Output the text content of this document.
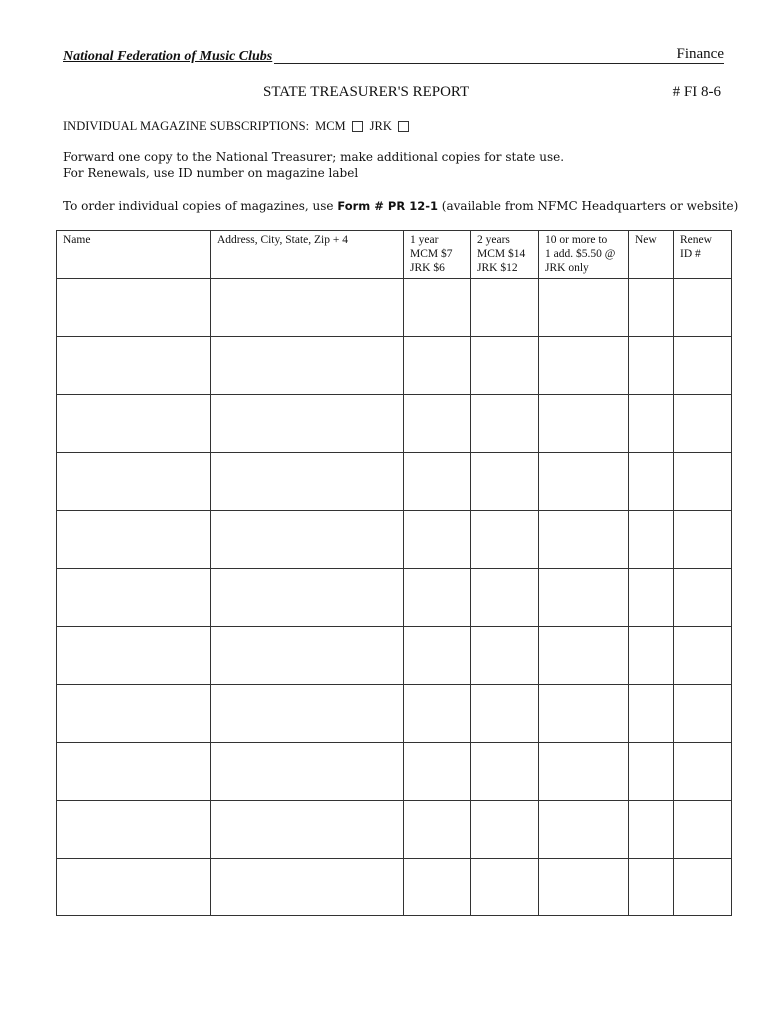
National Federation of Music Clubs	Finance
STATE TREASURER'S REPORT	# FI 8-6
INDIVIDUAL MAGAZINE SUBSCRIPTIONS: MCM JRK
Forward one copy to the National Treasurer; make additional copies for state use.
For Renewals, use ID number on magazine label
To order individual copies of magazines, use Form # PR 12-1 (available from NFMC Headquarters or website)
Name	Address, City, State, Zip + 4	1 year
MCM $7
JRK $6	2 years
MCM $14
JRK $12	10 or more to
1 add. $5.50 @
JRK only	New	Renew
ID #
